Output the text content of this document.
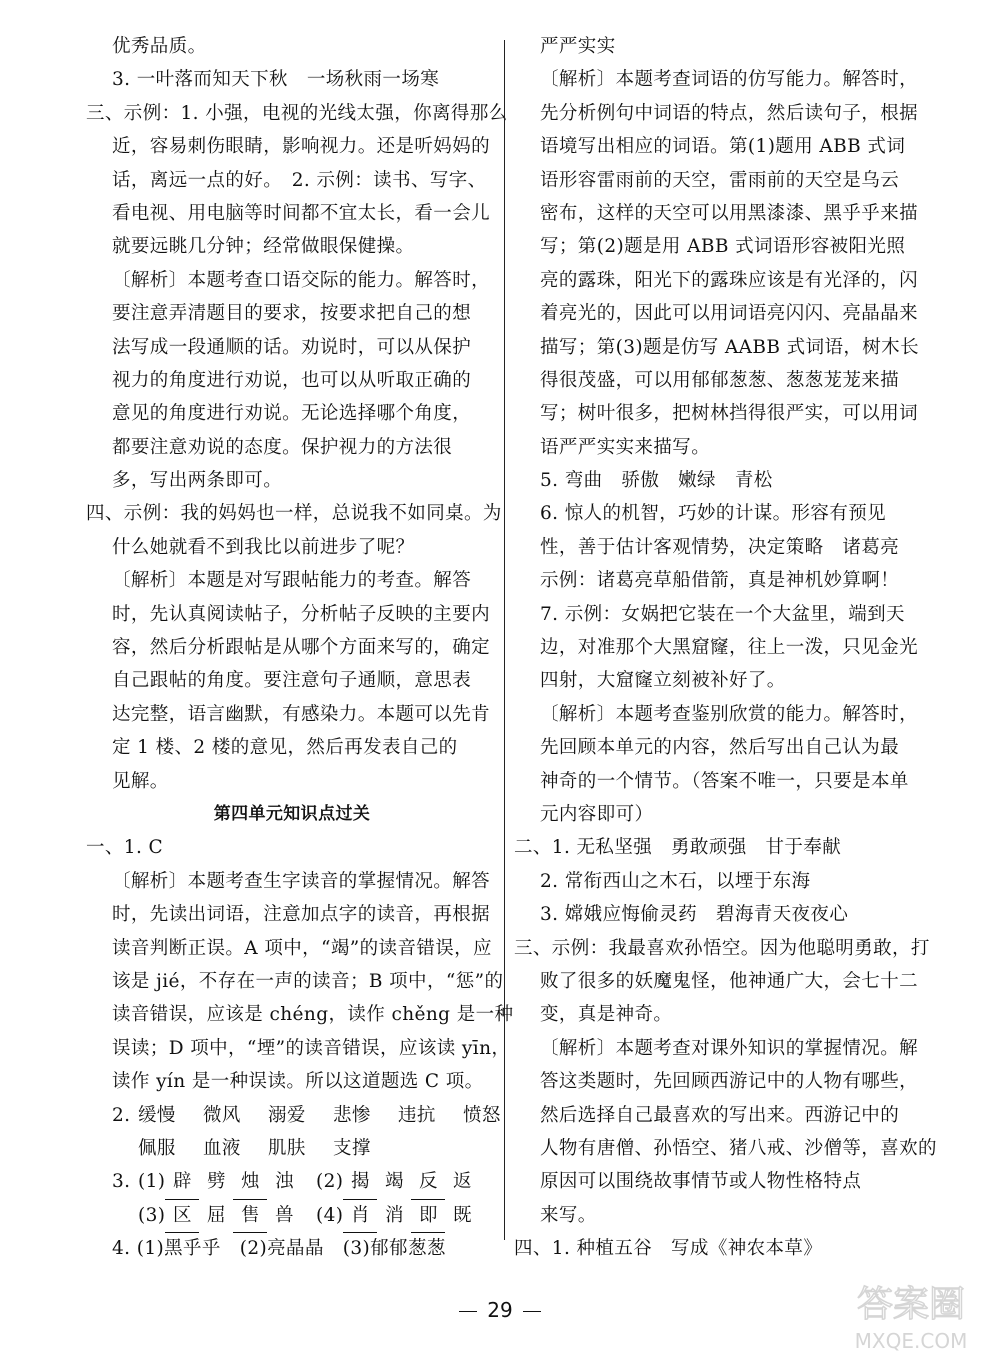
优秀品质。
3. 一叶落而知天下秋　一场秋雨一场寒
三、示例：1. 小强，电视的光线太强，你离得那么
近，容易刺伤眼睛，影响视力。还是听妈妈的
话，离远一点的好。　2. 示例：读书、写字、
看电视、用电脑等时间都不宜太长，看一会儿
就要远眺几分钟；经常做眼保健操。
〔解析〕本题考查口语交际的能力。解答时，
要注意弄清题目的要求，按要求把自己的想
法写成一段通顺的话。劝说时，可以从保护
视力的角度进行劝说，也可以从听取正确的
意见的角度进行劝说。无论选择哪个角度，
都要注意劝说的态度。保护视力的方法很
多，写出两条即可。
四、示例：我的妈妈也一样，总说我不如同桌。为
什么她就看不到我比以前进步了呢？
〔解析〕本题是对写跟帖能力的考查。解答
时，先认真阅读帖子，分析帖子反映的主要内
容，然后分析跟帖是从哪个方面来写的，确定
自己跟帖的角度。要注意句子通顺，意思表
达完整，语言幽默，有感染力。本题可以先肯
定 1 楼、2 楼的意见，然后再发表自己的
见解。
第四单元知识点过关
一、1. C
〔解析〕本题考查生字读音的掌握情况。解答
时，先读出词语，注意加点字的读音，再根据
读音判断正误。A 项中，“竭”的读音错误，应
该是 jié，不存在一声的读音；B 项中，“惩”的
读音错误，应该是 chéng，读作 chěng 是一种
误读；D 项中，“堙”的读音错误，应该读 yīn，
读作 yín 是一种误读。所以这道题选 C 项。
2. 缓慢 微风 溺爱 悲惨 违抗 愤怒
佩服 血液 肌肤 支撑
3. (1) 辟 劈 烛 浊 (2) 揭 竭 反 返
(3) 区 屈 售 兽 (4) 肖 消 即 既
4. (1)黑乎乎　(2)亮晶晶　(3)郁郁葱葱
严严实实
〔解析〕本题考查词语的仿写能力。解答时，
先分析例句中词语的特点，然后读句子，根据
语境写出相应的词语。第(1)题用 ABB 式词
语形容雷雨前的天空，雷雨前的天空是乌云
密布，这样的天空可以用黑漆漆、黑乎乎来描
写；第(2)题是用 ABB 式词语形容被阳光照
亮的露珠，阳光下的露珠应该是有光泽的，闪
着亮光的，因此可以用词语亮闪闪、亮晶晶来
描写；第(3)题是仿写 AABB 式词语，树木长
得很茂盛，可以用郁郁葱葱、葱葱茏茏来描
写；树叶很多，把树林挡得很严实，可以用词
语严严实实来描写。
5. 弯曲　骄傲　嫩绿　青松
6. 惊人的机智，巧妙的计谋。形容有预见
性，善于估计客观情势，决定策略　诸葛亮
示例：诸葛亮草船借箭，真是神机妙算啊！
7. 示例：女娲把它装在一个大盆里，端到天
边，对准那个大黑窟窿，往上一泼，只见金光
四射，大窟窿立刻被补好了。
〔解析〕本题考查鉴别欣赏的能力。解答时，
先回顾本单元的内容，然后写出自己认为最
神奇的一个情节。（答案不唯一，只要是本单
元内容即可）
二、1. 无私坚强　勇敢顽强　甘于奉献
2. 常衔西山之木石，以堙于东海
3. 嫦娥应悔偷灵药　碧海青天夜夜心
三、示例：我最喜欢孙悟空。因为他聪明勇敢，打
败了很多的妖魔鬼怪，他神通广大，会七十二
变，真是神奇。
〔解析〕本题考查对课外知识的掌握情况。解
答这类题时，先回顾西游记中的人物有哪些，
然后选择自己最喜欢的写出来。西游记中的
人物有唐僧、孙悟空、猪八戒、沙僧等，喜欢的
原因可以围绕故事情节或人物性格特点
来写。
四、1. 种植五谷　写成《神农本草》
29	答案圈
MXQE.COM
